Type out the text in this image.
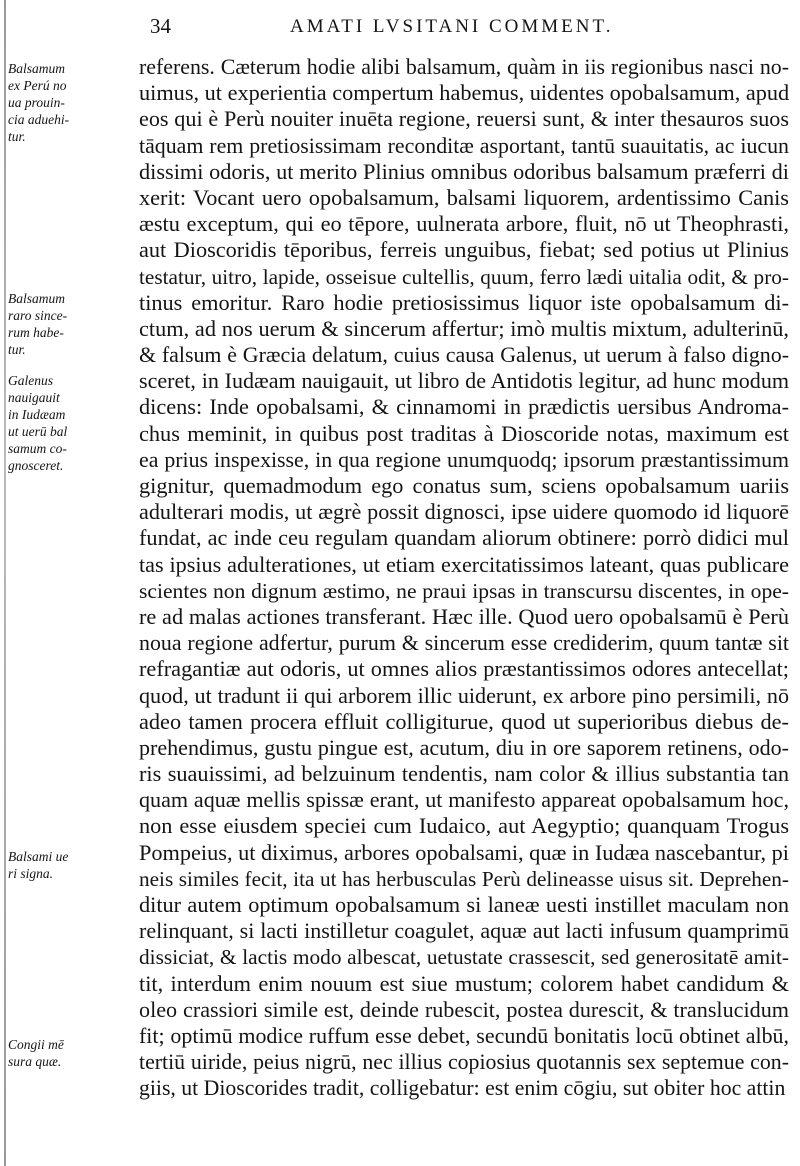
34	AMATI LVSITANI COMMENT.
Balsamum
ex Perú no
ua prouin-
cia aduehi-
tur.
Balsamum
raro since-
rum habe-
tur.
Galenus
nauigauit
in Iudæam
ut uerū bal
samum co-
gnosceret.
Balsami ue
ri signa.
Congii mē
sura quæ.
referens. Cæterum hodie alibi balsamum, quàm in iis regionibus nasci no-
uimus, ut experientia compertum habemus, uidentes opobalsamum, apud
eos qui è Perù nouiter inuēta regione, reuersi sunt, & inter thesauros suos
tāquam rem pretiosissimam reconditæ asportant, tantū suauitatis, ac iucun
dissimi odoris, ut merito Plinius omnibus odoribus balsamum præferri di
xerit: Vocant uero opobalsamum, balsami liquorem, ardentissimo Canis
æstu exceptum, qui eo tēpore, uulnerata arbore, fluit, nō ut Theophrasti,
aut Dioscoridis tēporibus, ferreis unguibus, fiebat; sed potius ut Plinius
testatur, uitro, lapide, osseisue cultellis, quum, ferro lædi uitalia odit, & pro-
tinus emoritur. Raro hodie pretiosissimus liquor iste opobalsamum di-
ctum, ad nos uerum & sincerum affertur; imò multis mixtum, adulterinū,
& falsum è Græcia delatum, cuius causa Galenus, ut uerum à falso digno-
sceret, in Iudæam nauigauit, ut libro de Antidotis legitur, ad hunc modum
dicens: Inde opobalsami, & cinnamomi in prædictis uersibus Androma-
chus meminit, in quibus post traditas à Dioscoride notas, maximum est
ea prius inspexisse, in qua regione unumquodq; ipsorum præstantissimum
gignitur, quemadmodum ego conatus sum, sciens opobalsamum uariis
adulterari modis, ut ægrè possit dignosci, ipse uidere quomodo id liquorē
fundat, ac inde ceu regulam quandam aliorum obtinere: porrò didici mul
tas ipsius adulterationes, ut etiam exercitatissimos lateant, quas publicare
scientes non dignum æstimo, ne praui ipsas in transcursu discentes, in ope-
re ad malas actiones transferant. Hæc ille. Quod uero opobalsamū è Perù
noua regione adfertur, purum & sincerum esse crediderim, quum tantæ sit
refragantiæ aut odoris, ut omnes alios præstantissimos odores antecellat;
quod, ut tradunt ii qui arborem illic uiderunt, ex arbore pino persimili, nō
adeo tamen procera effluit colligiturue, quod ut superioribus diebus de-
prehendimus, gustu pingue est, acutum, diu in ore saporem retinens, odo-
ris suauissimi, ad belzuinum tendentis, nam color & illius substantia tan
quam aquæ mellis spissæ erant, ut manifesto appareat opobalsamum hoc,
non esse eiusdem speciei cum Iudaico, aut Aegyptio; quanquam Trogus
Pompeius, ut diximus, arbores opobalsami, quæ in Iudæa nascebantur, pi
neis similes fecit, ita ut has herbusculas Perù delineasse uisus sit. Deprehen-
ditur autem optimum opobalsamum si laneæ uesti instillet maculam non
relinquant, si lacti instilletur coagulet, aquæ aut lacti infusum quamprimū
dissiciat, & lactis modo albescat, uetustate crassescit, sed generositatē amit-
tit, interdum enim nouum est siue mustum; colorem habet candidum &
oleo crassiori simile est, deinde rubescit, postea durescit, & translucidum
fit; optimū modice ruffum esse debet, secundū bonitatis locū obtinet albū,
tertiū uiride, peius nigrū, nec illius copiosius quotannis sex septemue con-
giis, ut Dioscorides tradit, colligebatur: est enim cōgiu, sut obiter hoc attin
